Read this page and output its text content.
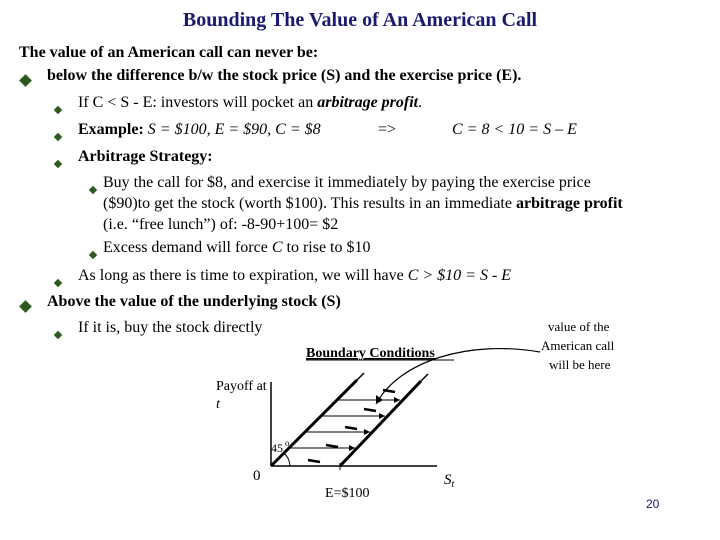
Bounding The Value of An American Call
The value of an American call can never be:
below the difference b/w the stock price (S) and the exercise price (E).
If C < S - E: investors will pocket an arbitrage profit.
Example: S = $100, E = $90, C = $8	=>	C = 8 < 10 = S – E
Arbitrage Strategy:
Buy the call for $8, and exercise it immediately by paying the exercise price
($90)to get the stock (worth $100). This results in an immediate arbitrage profit
(i.e. “free lunch”) of: -8-90+100= $2
Excess demand will force C to rise to $10
As long as there is time to expiration, we will have C > $10 = S - E
Above the value of the underlying stock (S)
If it is, buy the stock directly
Boundary Conditions
Payoff at
t
45 o
0
E=$100
$S_t$
value of the
American call
will be here
20
